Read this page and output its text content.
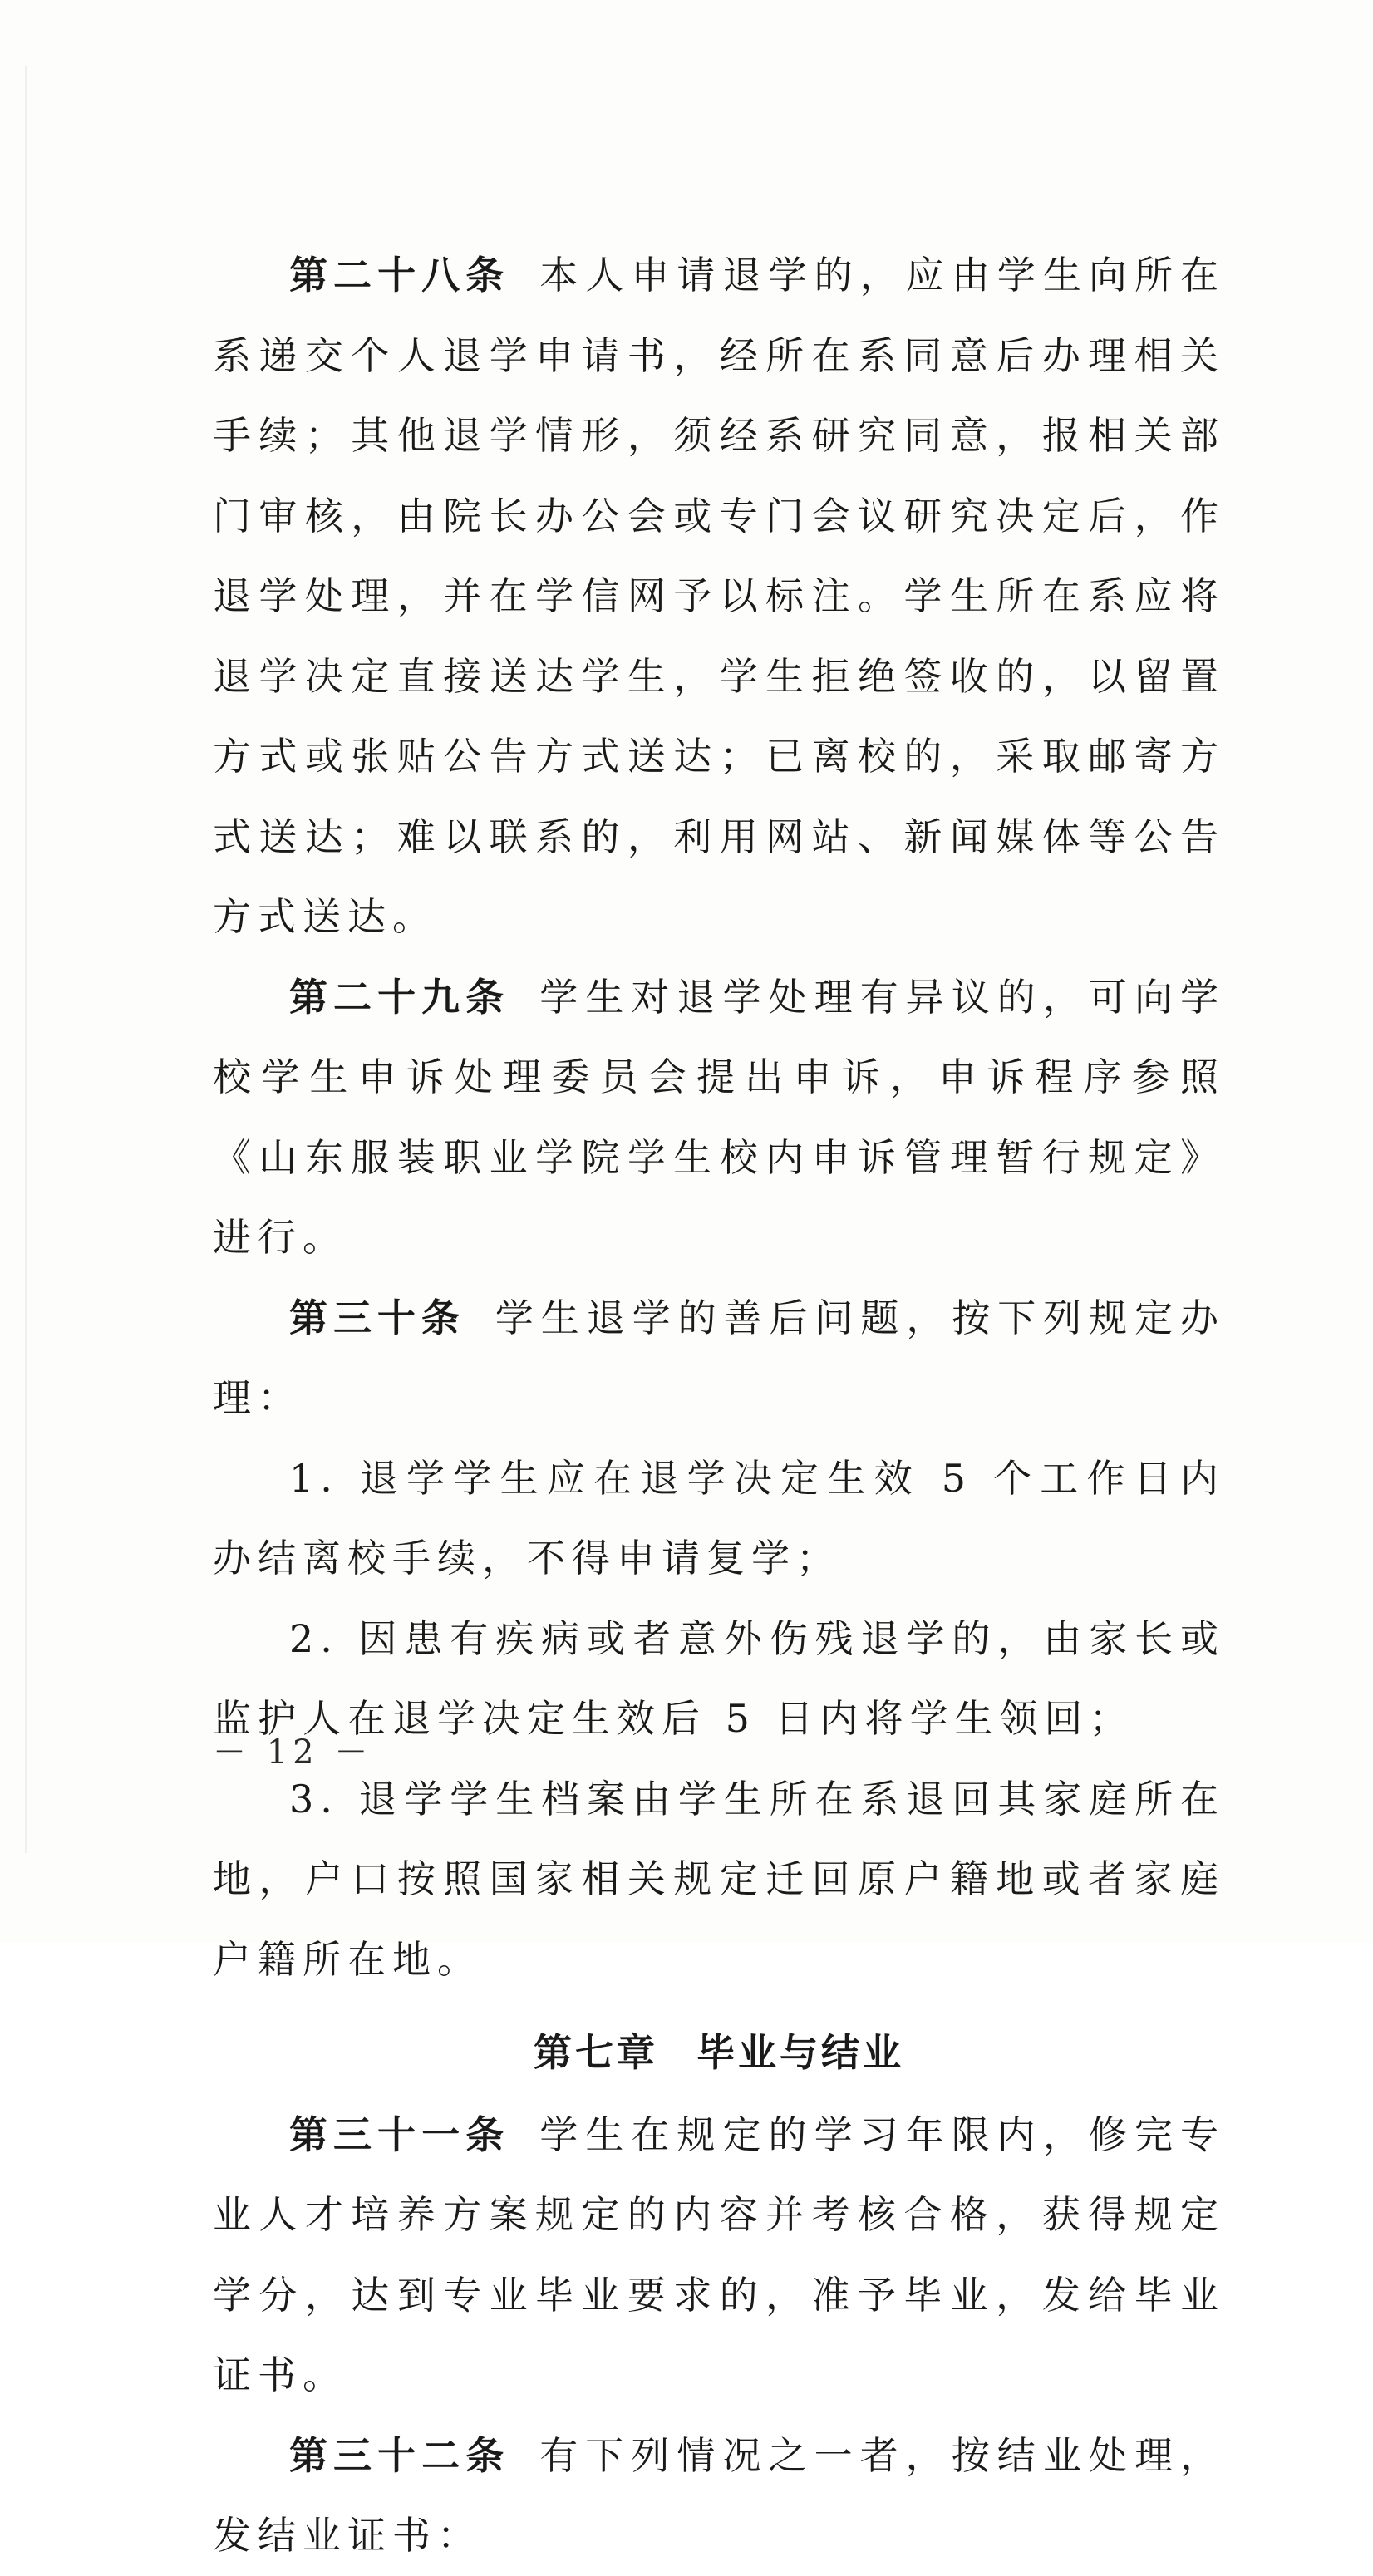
第二十八条 本人申请退学的，应由学生向所在系递交个人退学申请书，经所在系同意后办理相关手续；其他退学情形，须经系研究同意，报相关部门审核，由院长办公会或专门会议研究决定后，作退学处理，并在学信网予以标注。学生所在系应将退学决定直接送达学生，学生拒绝签收的，以留置方式或张贴公告方式送达；已离校的，采取邮寄方式送达；难以联系的，利用网站、新闻媒体等公告方式送达。

第二十九条 学生对退学处理有异议的，可向学校学生申诉处理委员会提出申诉，申诉程序参照《山东服装职业学院学生校内申诉管理暂行规定》进行。

第三十条 学生退学的善后问题，按下列规定办理：

1. 退学学生应在退学决定生效 5 个工作日内办结离校手续，不得申请复学；

2. 因患有疾病或者意外伤残退学的，由家长或监护人在退学决定生效后 5 日内将学生领回；

3. 退学学生档案由学生所在系退回其家庭所在地，户口按照国家相关规定迁回原户籍地或者家庭户籍所在地。

第七章 毕业与结业

第三十一条 学生在规定的学习年限内，修完专业人才培养方案规定的内容并考核合格，获得规定学分，达到专业毕业要求的，准予毕业，发给毕业证书。

第三十二条 有下列情况之一者，按结业处理，发结业证书：

－ 12 －
